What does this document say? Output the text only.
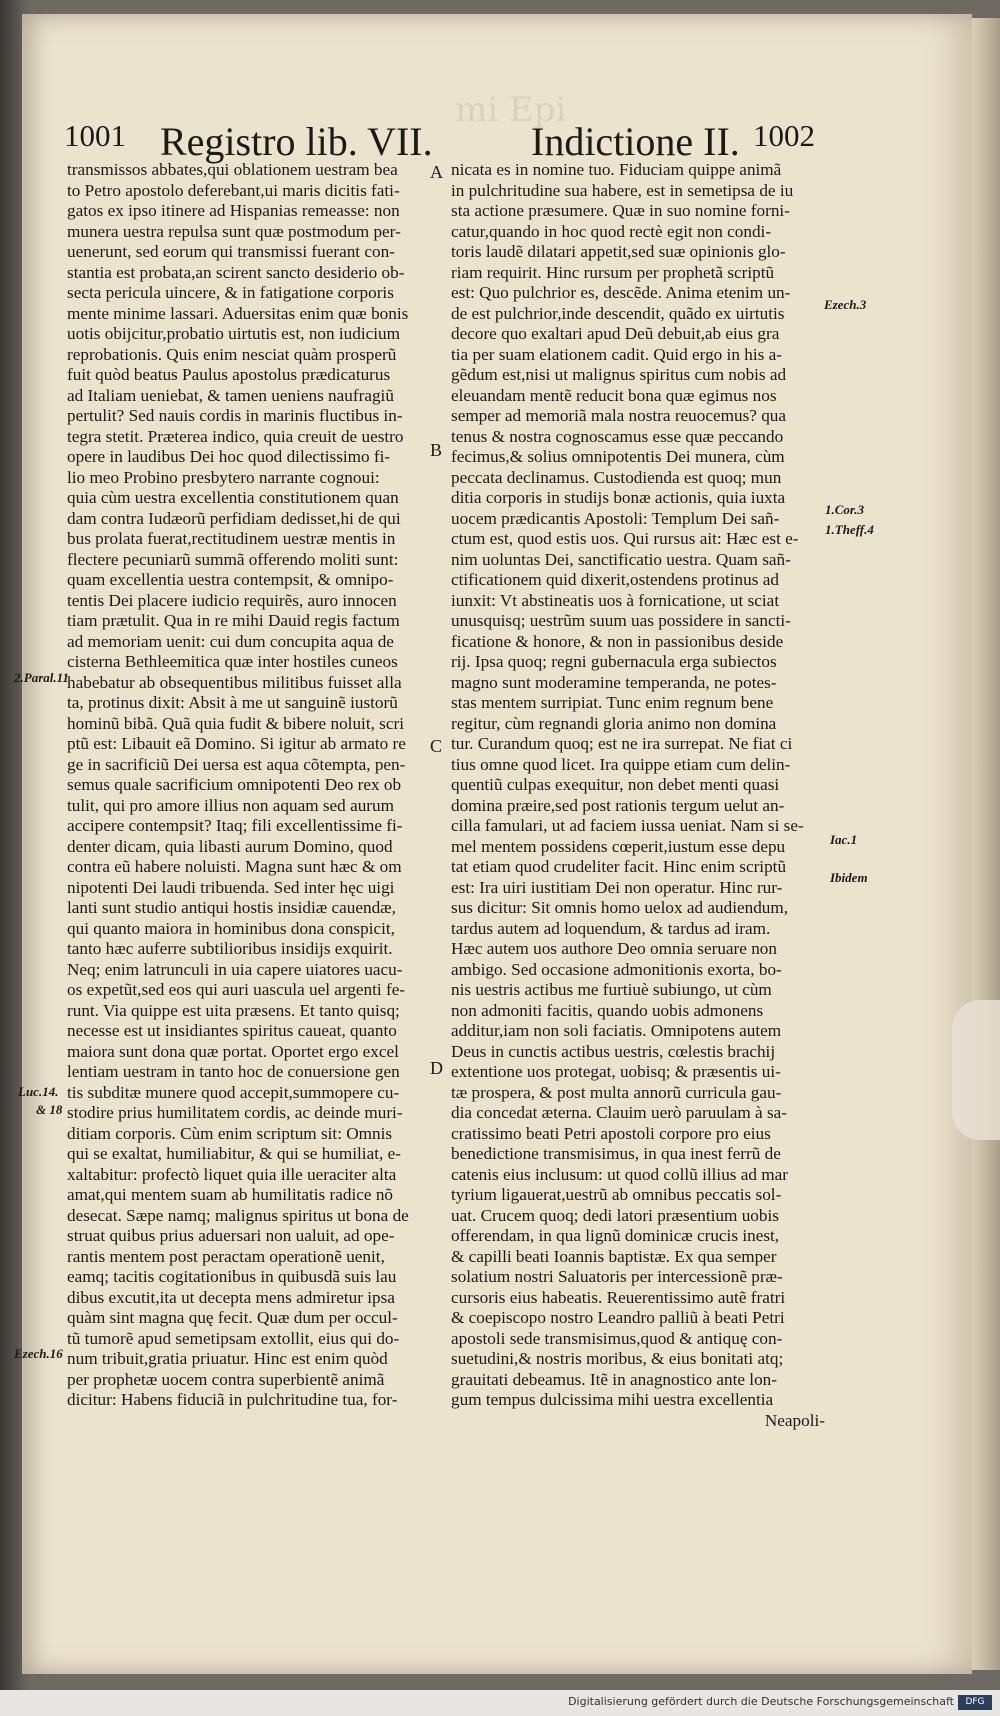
mi Epi
1001 Registro lib. VII. Indictione II. 1002
transmissos abbates,qui oblationem uestram bea
to Petro apostolo deferebant,ui maris dicitis fati-
gatos ex ipso itinere ad Hispanias remeasse: non
munera uestra repulsa sunt quæ postmodum per-
uenerunt, sed eorum qui transmissi fuerant con-
stantia est probata,an scirent sancto desiderio ob-
secta pericula uincere, & in fatigatione corporis
mente minime lassari. Aduersitas enim quæ bonis
uotis obijcitur,probatio uirtutis est, non iudicium
reprobationis. Quis enim nesciat quàm prosperũ
fuit quòd beatus Paulus apostolus prædicaturus
ad Italiam ueniebat, & tamen ueniens naufragiũ
pertulit? Sed nauis cordis in marinis fluctibus in-
tegra stetit. Præterea indico, quia creuit de uestro
opere in laudibus Dei hoc quod dilectissimo fi-
lio meo Probino presbytero narrante cognoui:
quia cùm uestra excellentia constitutionem quan
dam contra Iudæorũ perfidiam dedisset,hi de qui
bus prolata fuerat,rectitudinem uestræ mentis in
flectere pecuniarũ summã offerendo moliti sunt:
quam excellentia uestra contempsit, & omnipo-
tentis Dei placere iudicio requirẽs, auro innocen
tiam prætulit. Qua in re mihi Dauid regis factum
ad memoriam uenit: cui dum concupita aqua de
cisterna Bethleemitica quæ inter hostiles cuneos
habebatur ab obsequentibus militibus fuisset alla
ta, protinus dixit: Absit à me ut sanguinẽ iustorũ
hominũ bibã. Quã quia fudit & bibere noluit, scri
ptũ est: Libauit eã Domino. Si igitur ab armato re
ge in sacrificiũ Dei uersa est aqua cõtempta, pen-
semus quale sacrificium omnipotenti Deo rex ob
tulit, qui pro amore illius non aquam sed aurum
accipere contempsit? Itaq; fili excellentissime fi-
denter dicam, quia libasti aurum Domino, quod
contra eũ habere noluisti. Magna sunt hæc & om
nipotenti Dei laudi tribuenda. Sed inter hęc uigi
lanti sunt studio antiqui hostis insidiæ cauendæ,
qui quanto maiora in hominibus dona conspicit,
tanto hæc auferre subtilioribus insidijs exquirit.
Neq; enim latrunculi in uia capere uiatores uacu-
os expetũt,sed eos qui auri uascula uel argenti fe-
runt. Via quippe est uita præsens. Et tanto quisq;
necesse est ut insidiantes spiritus caueat, quanto
maiora sunt dona quæ portat. Oportet ergo excel
lentiam uestram in tanto hoc de conuersione gen
tis subditæ munere quod accepit,summopere cu-
stodire prius humilitatem cordis, ac deinde muri-
ditiam corporis. Cùm enim scriptum sit: Omnis
qui se exaltat, humiliabitur, & qui se humiliat, e-
xaltabitur: profectò liquet quia ille ueraciter alta
amat,qui mentem suam ab humilitatis radice nõ
desecat. Sæpe namq; malignus spiritus ut bona de
struat quibus prius aduersari non ualuit, ad ope-
rantis mentem post peractam operationẽ uenit,
eamq; tacitis cogitationibus in quibusdã suis lau
dibus excutit,ita ut decepta mens admiretur ipsa
quàm sint magna quę fecit. Quæ dum per occul-
tũ tumorẽ apud semetipsam extollit, eius qui do-
num tribuit,gratia priuatur. Hinc est enim quòd
per prophetæ uocem contra superbientẽ animã
dicitur: Habens fiduciã in pulchritudine tua, for-
nicata es in nomine tuo. Fiduciam quippe animã
in pulchritudine sua habere, est in semetipsa de iu
sta actione præsumere. Quæ in suo nomine forni-
catur,quando in hoc quod rectè egit non condi-
toris laudẽ dilatari appetit,sed suæ opinionis glo-
riam requirit. Hinc rursum per prophetã scriptũ
est: Quo pulchrior es, descẽde. Anima etenim un-
de est pulchrior,inde descendit, quãdo ex uirtutis
decore quo exaltari apud Deũ debuit,ab eius gra
tia per suam elationem cadit. Quid ergo in his a-
gẽdum est,nisi ut malignus spiritus cum nobis ad
eleuandam mentẽ reducit bona quæ egimus nos
semper ad memoriã mala nostra reuocemus? qua
tenus & nostra cognoscamus esse quæ peccando
fecimus,& solius omnipotentis Dei munera, cùm
peccata declinamus. Custodienda est quoq; mun
ditia corporis in studijs bonæ actionis, quia iuxta
uocem prædicantis Apostoli: Templum Dei sañ-
ctum est, quod estis uos. Qui rursus ait: Hæc est e-
nim uoluntas Dei, sanctificatio uestra. Quam sañ-
ctificationem quid dixerit,ostendens protinus ad
iunxit: Vt abstineatis uos à fornicatione, ut sciat
unusquisq; uestrũm suum uas possidere in sancti-
ficatione & honore, & non in passionibus deside
rij. Ipsa quoq; regni gubernacula erga subiectos
magno sunt moderamine temperanda, ne potes-
stas mentem surripiat. Tunc enim regnum bene
regitur, cùm regnandi gloria animo non domina
tur. Curandum quoq; est ne ira surrepat. Ne fiat ci
tius omne quod licet. Ira quippe etiam cum delin-
quentiũ culpas exequitur, non debet menti quasi
domina præire,sed post rationis tergum uelut an-
cilla famulari, ut ad faciem iussa ueniat. Nam si se-
mel mentem possidens cœperit,iustum esse depu
tat etiam quod crudeliter facit. Hinc enim scriptũ
est: Ira uiri iustitiam Dei non operatur. Hinc rur-
sus dicitur: Sit omnis homo uelox ad audiendum,
tardus autem ad loquendum, & tardus ad iram.
Hæc autem uos authore Deo omnia seruare non
ambigo. Sed occasione admonitionis exorta, bo-
nis uestris actibus me furtiuè subiungo, ut cùm
non admoniti facitis, quando uobis admonens
additur,iam non soli faciatis. Omnipotens autem
Deus in cunctis actibus uestris, cœlestis brachij
extentione uos protegat, uobisq; & præsentis ui-
tæ prospera, & post multa annorũ curricula gau-
dia concedat æterna. Clauim uerò paruulam à sa-
cratissimo beati Petri apostoli corpore pro eius
benedictione transmisimus, in qua inest ferrũ de
catenis eius inclusum: ut quod collũ illius ad mar
tyrium ligauerat,uestrũ ab omnibus peccatis sol-
uat. Crucem quoq; dedi latori præsentium uobis
offerendam, in qua lignũ dominicæ crucis inest,
& capilli beati Ioannis baptistæ. Ex qua semper
solatium nostri Saluatoris per intercessionẽ præ-
cursoris eius habeatis. Reuerentissimo autẽ fratri
& coepiscopo nostro Leandro palliũ à beati Petri
apostoli sede transmisimus,quod & antiquę con-
suetudini,& nostris moribus, & eius bonitati atq;
grauitati debeamus. Itẽ in anagnostico ante lon-
gum tempus dulcissima mihi uestra excellentia
Neapoli-
A
B
C
D
2.Paral.11
Luc.14.
& 18
Ezech.16
Ezech.3
1.Cor.3
1.Theff.4
Iac.1
Ibidem
Digitalisierung gefördert durch die Deutsche Forschungsgemeinschaft	DFG
